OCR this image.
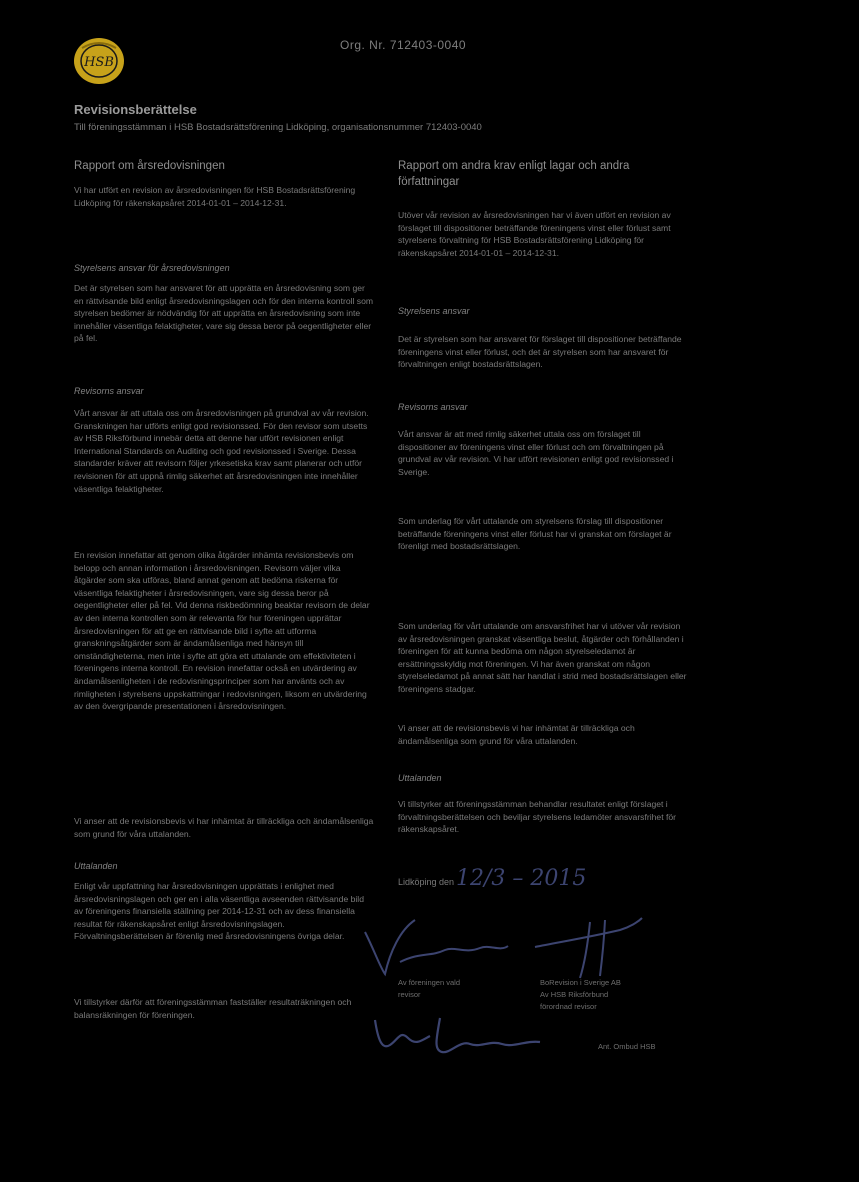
HSB
Org. Nr. 712403-0040
Revisionsberättelse
Till föreningsstämman i HSB Bostadsrättsförening Lidköping, organisationsnummer 712403-0040

Rapport om årsredovisningen

Vi har utfört en revision av årsredovisningen för HSB Bostadsrättsförening Lidköping för räkenskapsåret 2014-01-01 – 2014-12-31.

Styrelsens ansvar för årsredovisningen

Det är styrelsen som har ansvaret för att upprätta en årsredovisning som ger en rättvisande bild enligt årsredovisningslagen och för den interna kontroll som styrelsen bedömer är nödvändig för att upprätta en årsredovisning som inte innehåller väsentliga felaktigheter, vare sig dessa beror på oegentligheter eller på fel.

Revisorns ansvar

Vårt ansvar är att uttala oss om årsredovisningen på grundval av vår revision. Granskningen har utförts enligt god revisionssed. För den revisor som utsetts av HSB Riksförbund innebär detta att denne har utfört revisionen enligt International Standards on Auditing och god revisionssed i Sverige. Dessa standarder kräver att revisorn följer yrkesetiska krav samt planerar och utför revisionen för att uppnå rimlig säkerhet att årsredovisningen inte innehåller väsentliga felaktigheter.
En revision innefattar att genom olika åtgärder inhämta revisionsbevis om belopp och annan information i årsredovisningen. Revisorn väljer vilka åtgärder som ska utföras, bland annat genom att bedöma riskerna för väsentliga felaktigheter i årsredovisningen, vare sig dessa beror på oegentligheter eller på fel. Vid denna riskbedömning beaktar revisorn de delar av den interna kontrollen som är relevanta för hur föreningen upprättar årsredovisningen för att ge en rättvisande bild i syfte att utforma granskningsåtgärder som är ändamålsenliga med hänsyn till omständigheterna, men inte i syfte att göra ett uttalande om effektiviteten i föreningens interna kontroll. En revision innefattar också en utvärdering av ändamålsenligheten i de redovisningsprinciper som har använts och av rimligheten i styrelsens uppskattningar i redovisningen, liksom en utvärdering av den övergripande presentationen i årsredovisningen.
Vi anser att de revisionsbevis vi har inhämtat är tillräckliga och ändamålsenliga som grund för våra uttalanden.

Uttalanden

Enligt vår uppfattning har årsredovisningen upprättats i enlighet med årsredovisningslagen och ger en i alla väsentliga avseenden rättvisande bild av föreningens finansiella ställning per 2014-12-31 och av dess finansiella resultat för räkenskapsåret enligt årsredovisningslagen. Förvaltningsberättelsen är förenlig med årsredovisningens övriga delar.
Vi tillstyrker därför att föreningsstämman fastställer resultaträkningen och balansräkningen för föreningen.

Rapport om andra krav enligt lagar och andra författningar

Utöver vår revision av årsredovisningen har vi även utfört en revision av förslaget till dispositioner beträffande föreningens vinst eller förlust samt styrelsens förvaltning för HSB Bostadsrättsförening Lidköping för räkenskapsåret 2014-01-01 – 2014-12-31.

Styrelsens ansvar

Det är styrelsen som har ansvaret för förslaget till dispositioner beträffande föreningens vinst eller förlust, och det är styrelsen som har ansvaret för förvaltningen enligt bostadsrättslagen.

Revisorns ansvar

Vårt ansvar är att med rimlig säkerhet uttala oss om förslaget till dispositioner av föreningens vinst eller förlust och om förvaltningen på grundval av vår revision. Vi har utfört revisionen enligt god revisionssed i Sverige.
Som underlag för vårt uttalande om styrelsens förslag till dispositioner beträffande föreningens vinst eller förlust har vi granskat om förslaget är förenligt med bostadsrättslagen.
Som underlag för vårt uttalande om ansvarsfrihet har vi utöver vår revision av årsredovisningen granskat väsentliga beslut, åtgärder och förhållanden i föreningen för att kunna bedöma om någon styrelseledamot är ersättningsskyldig mot föreningen. Vi har även granskat om någon styrelseledamot på annat sätt har handlat i strid med bostadsrättslagen eller föreningens stadgar.
Vi anser att de revisionsbevis vi har inhämtat är tillräckliga och ändamålsenliga som grund för våra uttalanden.

Uttalanden

Vi tillstyrker att föreningsstämman behandlar resultatet enligt förslaget i förvaltningsberättelsen och beviljar styrelsens ledamöter ansvarsfrihet för räkenskapsåret.
Lidköping den 12/3 – 2015
Av föreningen vald
revisor
BoRevision i Sverige AB
Av HSB Riksförbund
förordnad revisor
Ant. Ombud HSB
